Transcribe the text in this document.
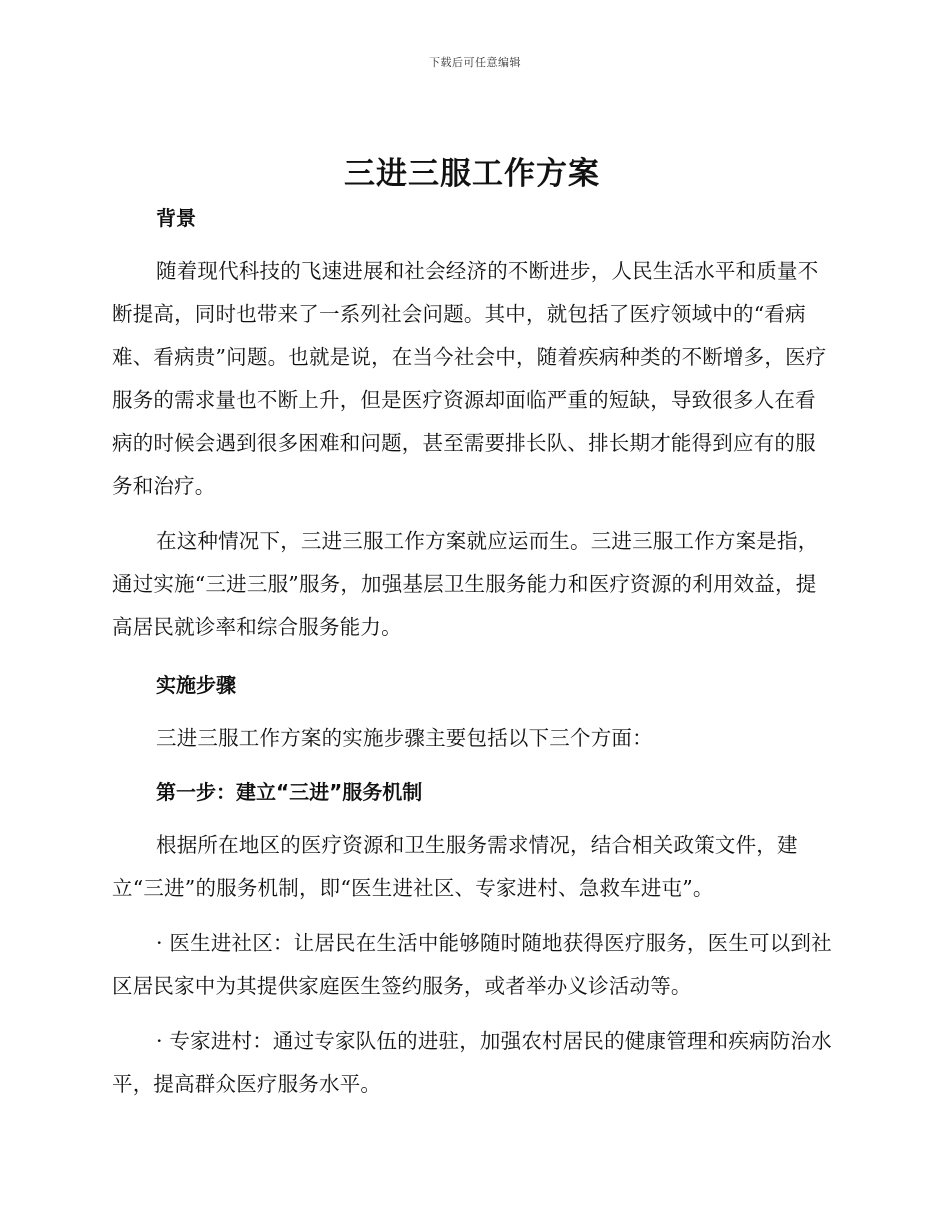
下载后可任意编辑
三进三服工作方案
背景

随着现代科技的飞速进展和社会经济的不断进步，人民生活水平和质量不断提高，同时也带来了一系列社会问题。其中，就包括了医疗领域中的“看病难、看病贵”问题。也就是说，在当今社会中，随着疾病种类的不断增多，医疗服务的需求量也不断上升，但是医疗资源却面临严重的短缺，导致很多人在看病的时候会遇到很多困难和问题，甚至需要排长队、排长期才能得到应有的服务和治疗。

在这种情况下，三进三服工作方案就应运而生。三进三服工作方案是指，通过实施“三进三服”服务，加强基层卫生服务能力和医疗资源的利用效益，提高居民就诊率和综合服务能力。

实施步骤

三进三服工作方案的实施步骤主要包括以下三个方面：

第一步：建立“三进”服务机制

根据所在地区的医疗资源和卫生服务需求情况，结合相关政策文件，建立“三进”的服务机制，即“医生进社区、专家进村、急救车进屯”。

· 医生进社区：让居民在生活中能够随时随地获得医疗服务，医生可以到社区居民家中为其提供家庭医生签约服务，或者举办义诊活动等。

· 专家进村：通过专家队伍的进驻，加强农村居民的健康管理和疾病防治水平，提高群众医疗服务水平。
